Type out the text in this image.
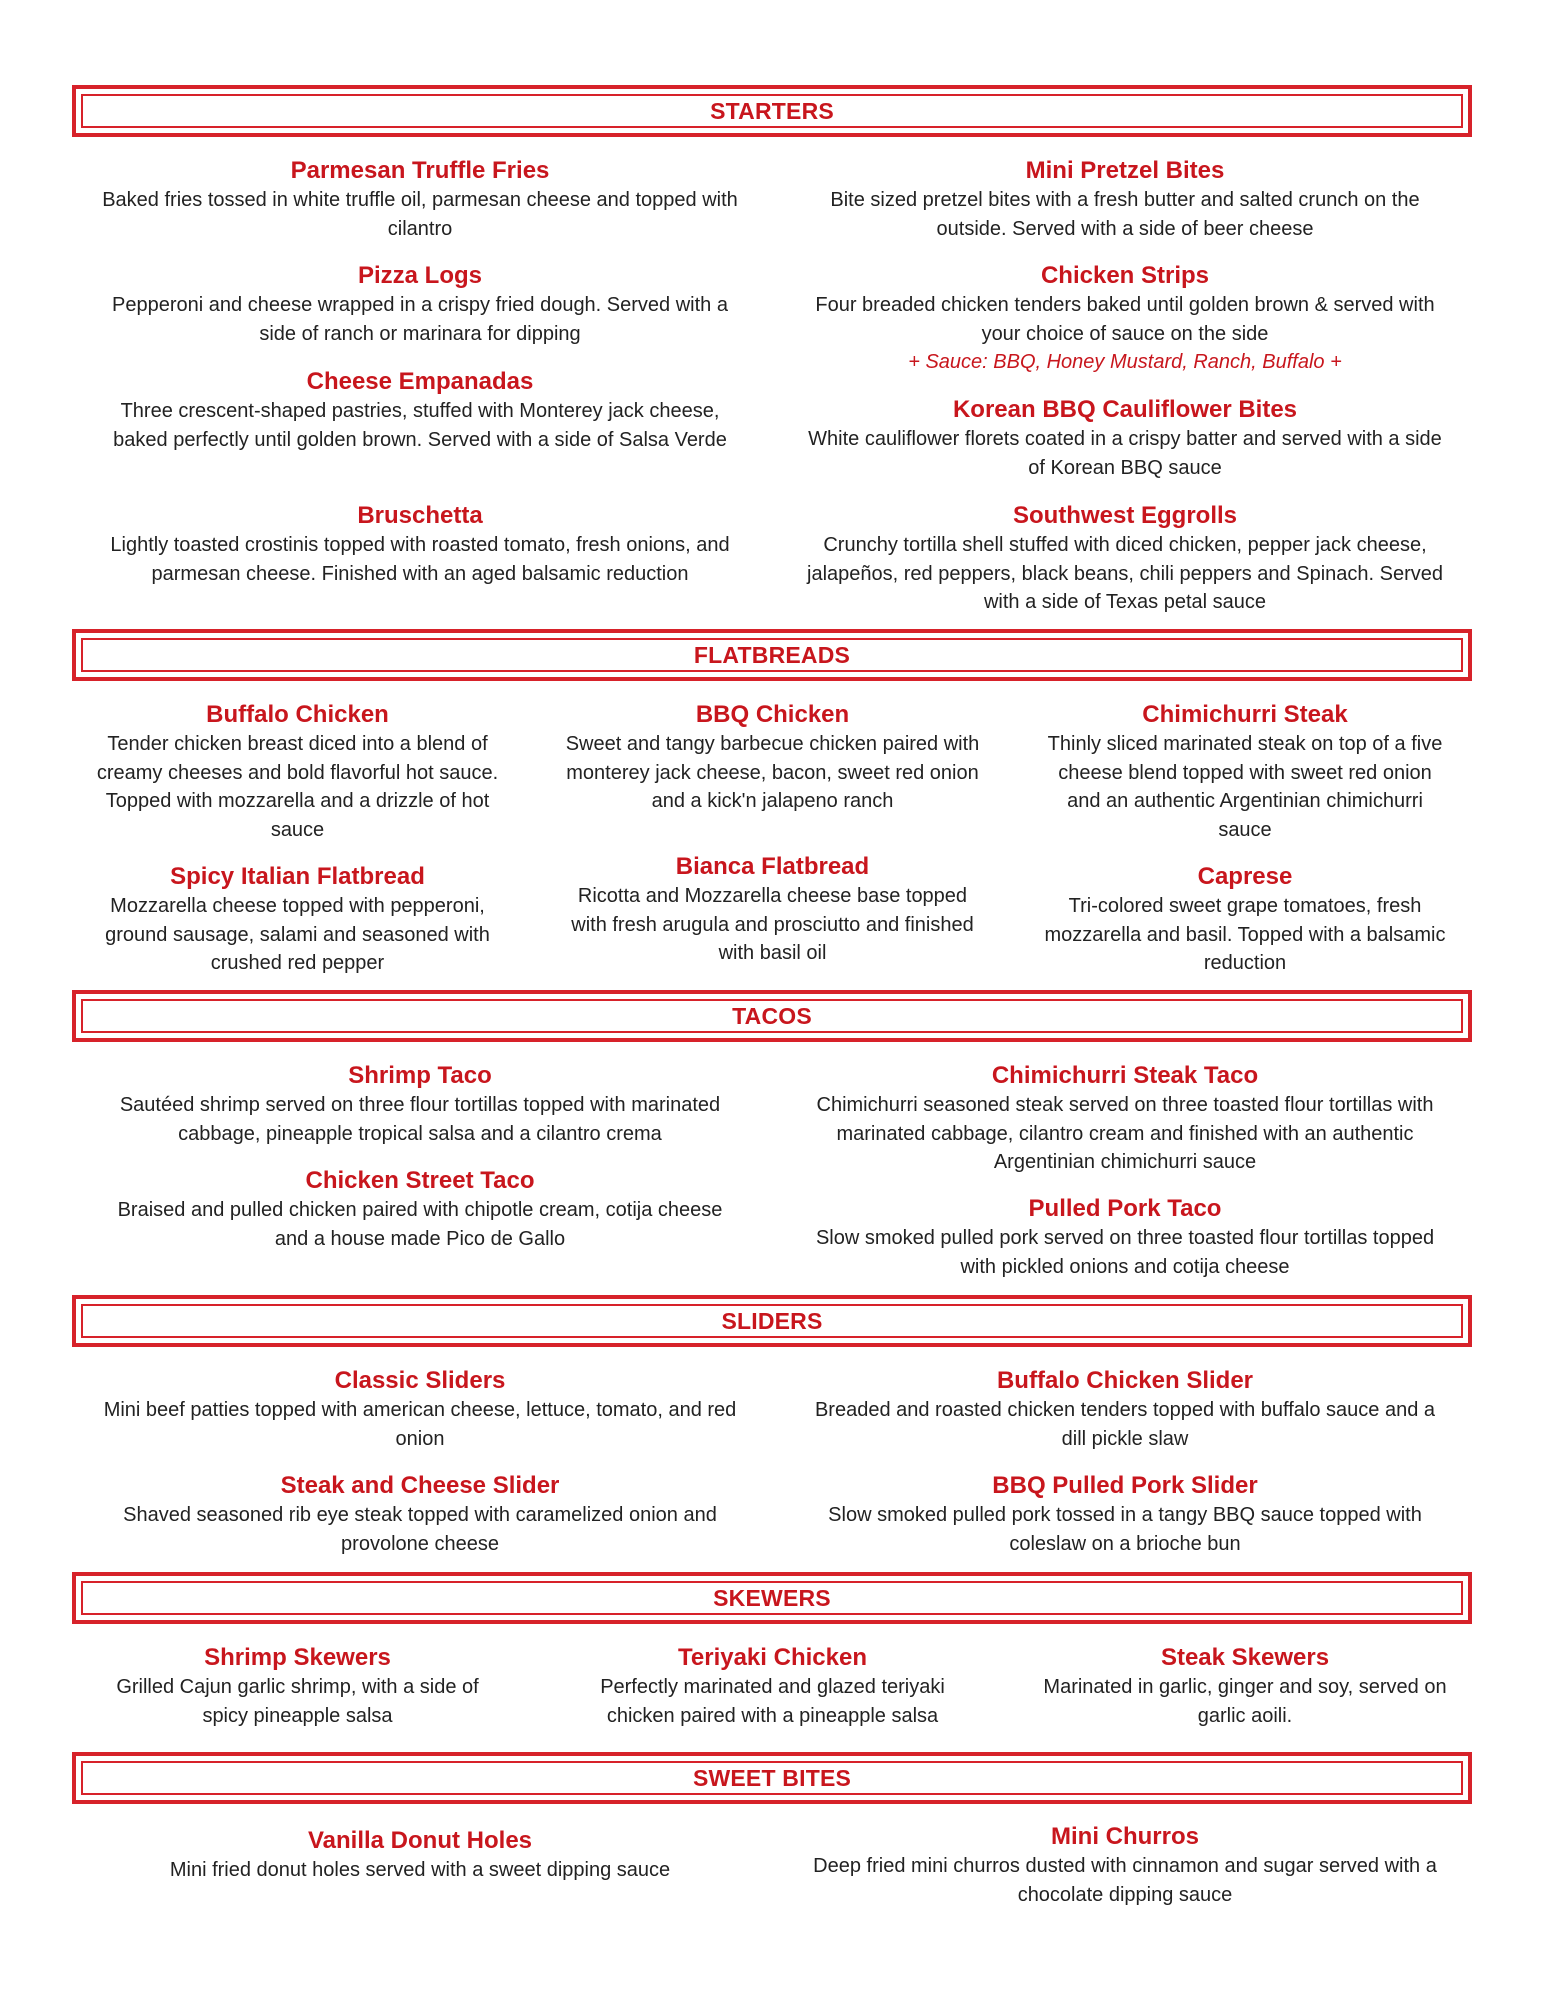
STARTERS
Parmesan Truffle Fries
Baked fries tossed in white truffle oil, parmesan cheese and topped with cilantro
Mini Pretzel Bites
Bite sized pretzel bites with a fresh butter and salted crunch on the outside. Served with a side of beer cheese
Pizza Logs
Pepperoni and cheese wrapped in a crispy fried dough. Served with a side of ranch or marinara for dipping
Chicken Strips
Four breaded chicken tenders baked until golden brown & served with your choice of sauce on the side
+ Sauce: BBQ, Honey Mustard, Ranch, Buffalo +
Cheese Empanadas
Three crescent-shaped pastries, stuffed with Monterey jack cheese, baked perfectly until golden brown. Served with a side of Salsa Verde
Korean BBQ Cauliflower Bites
White cauliflower florets coated in a crispy batter and served with a side of Korean BBQ sauce
Bruschetta
Lightly toasted crostinis topped with roasted tomato, fresh onions, and parmesan cheese. Finished with an aged balsamic reduction
Southwest Eggrolls
Crunchy tortilla shell stuffed with diced chicken, pepper jack cheese, jalapeños, red peppers, black beans, chili peppers and Spinach. Served with a side of Texas petal sauce
FLATBREADS
Buffalo Chicken
Tender chicken breast diced into a blend of creamy cheeses and bold flavorful hot sauce. Topped with mozzarella and a drizzle of hot sauce
BBQ Chicken
Sweet and tangy barbecue chicken paired with monterey jack cheese, bacon, sweet red onion and a kick'n jalapeno ranch
Chimichurri Steak
Thinly sliced marinated steak on top of a five cheese blend topped with sweet red onion and an authentic Argentinian chimichurri sauce
Spicy Italian Flatbread
Mozzarella cheese topped with pepperoni, ground sausage, salami and seasoned with crushed red pepper
Bianca Flatbread
Ricotta and Mozzarella cheese base topped with fresh arugula and prosciutto and finished with basil oil
Caprese
Tri-colored sweet grape tomatoes, fresh mozzarella and basil. Topped with a balsamic reduction
TACOS
Shrimp Taco
Sautéed shrimp served on three flour tortillas topped with marinated cabbage, pineapple tropical salsa and a cilantro crema
Chimichurri Steak Taco
Chimichurri seasoned steak served on three toasted flour tortillas with marinated cabbage, cilantro cream and finished with an authentic Argentinian chimichurri sauce
Chicken Street Taco
Braised and pulled chicken paired with chipotle cream, cotija cheese and a house made Pico de Gallo
Pulled Pork Taco
Slow smoked pulled pork served on three toasted flour tortillas topped with pickled onions and cotija cheese
SLIDERS
Classic Sliders
Mini beef patties topped with american cheese, lettuce, tomato, and red onion
Buffalo Chicken Slider
Breaded and roasted chicken tenders topped with buffalo sauce and a dill pickle slaw
Steak and Cheese Slider
Shaved seasoned rib eye steak topped with caramelized onion and provolone cheese
BBQ Pulled Pork Slider
Slow smoked pulled pork tossed in a tangy BBQ sauce topped with coleslaw on a brioche bun
SKEWERS
Shrimp Skewers
Grilled Cajun garlic shrimp, with a side of spicy pineapple salsa
Teriyaki Chicken
Perfectly marinated and glazed teriyaki chicken paired with a pineapple salsa
Steak Skewers
Marinated in garlic, ginger and soy, served on garlic aoili.
SWEET BITES
Vanilla Donut Holes
Mini fried donut holes served with a sweet dipping sauce
Mini Churros
Deep fried mini churros dusted with cinnamon and sugar served with a chocolate dipping sauce
